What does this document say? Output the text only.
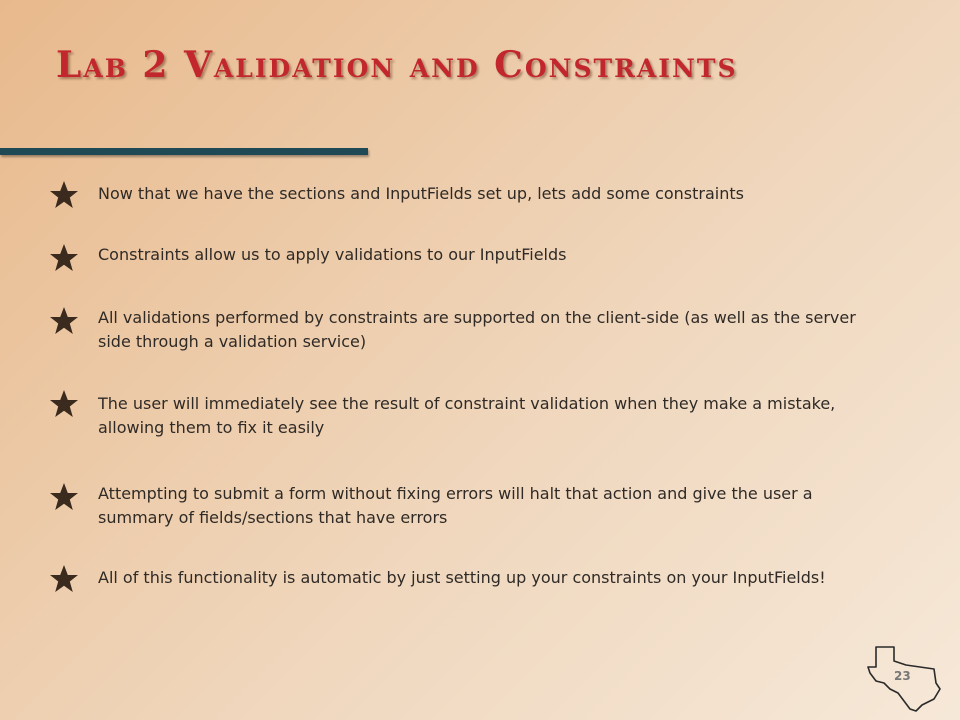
Lab 2 Validation and Constraints
Now that we have the sections and InputFields set up, lets add some constraints
Constraints allow us to apply validations to our InputFields
All validations performed by constraints are supported on the client-side (as well as the server side through a validation service)
The user will immediately see the result of constraint validation when they make a mistake, allowing them to fix it easily
Attempting to submit a form without fixing errors will halt that action and give the user a summary of fields/sections that have errors
All of this functionality is automatic by just setting up your constraints on your InputFields!
23
